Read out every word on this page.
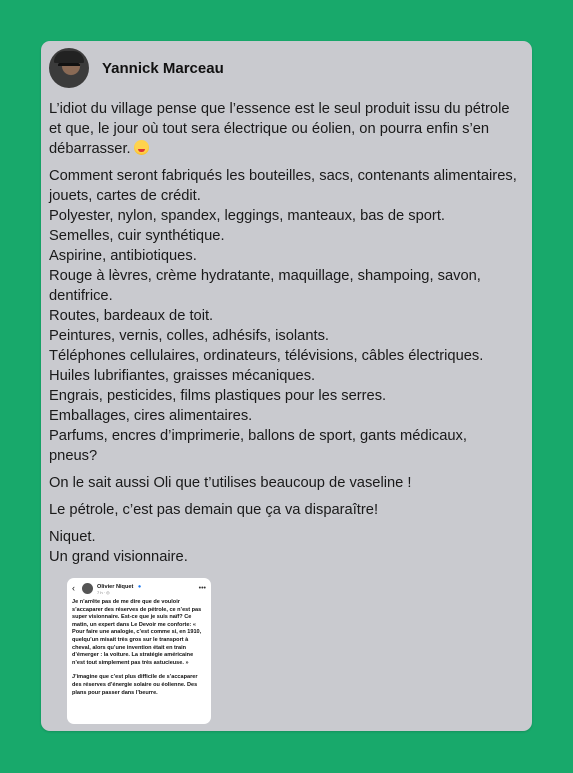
Yannick Marceau

L’idiot du village pense que l’essence est le seul produit issu du pétrole et que, le jour où tout sera électrique ou éolien, on pourra enfin s’en débarrasser.

Comment seront fabriqués les bouteilles, sacs, contenants alimentaires, jouets, cartes de crédit.
Polyester, nylon, spandex, leggings, manteaux, bas de sport.
Semelles, cuir synthétique.
Aspirine, antibiotiques.
Rouge à lèvres, crème hydratante, maquillage, shampoing, savon, dentifrice.
Routes, bardeaux de toit.
Peintures, vernis, colles, adhésifs, isolants.
Téléphones cellulaires, ordinateurs, télévisions, câbles électriques.
Huiles lubrifiantes, graisses mécaniques.
Engrais, pesticides, films plastiques pour les serres.
Emballages, cires alimentaires.
Parfums, encres d’imprimerie, ballons de sport, gants médicaux, pneus?

On le sait aussi Oli que t’utilises beaucoup de vaseline !

Le pétrole, c’est pas demain que ça va disparaître!

Niquet.
Un grand visionnaire.

‹	Olivier Niquet ●
7 h · ◎
•••

Je n’arrête pas de me dire que de vouloir s’accaparer des réserves de pétrole, ce n’est pas super visionnaire. Est-ce que je suis naïf? Ce matin, un expert dans Le Devoir me conforte: « Pour faire une analogie, c’est comme si, en 1910, quelqu’un misait très gros sur le transport à cheval, alors qu’une invention était en train d’émerger : la voiture. La stratégie américaine n’est tout simplement pas très astucieuse. »

J’imagine que c’est plus difficile de s’accaparer des réserves d’énergie solaire ou éolienne. Des plans pour passer dans l’beurre.
